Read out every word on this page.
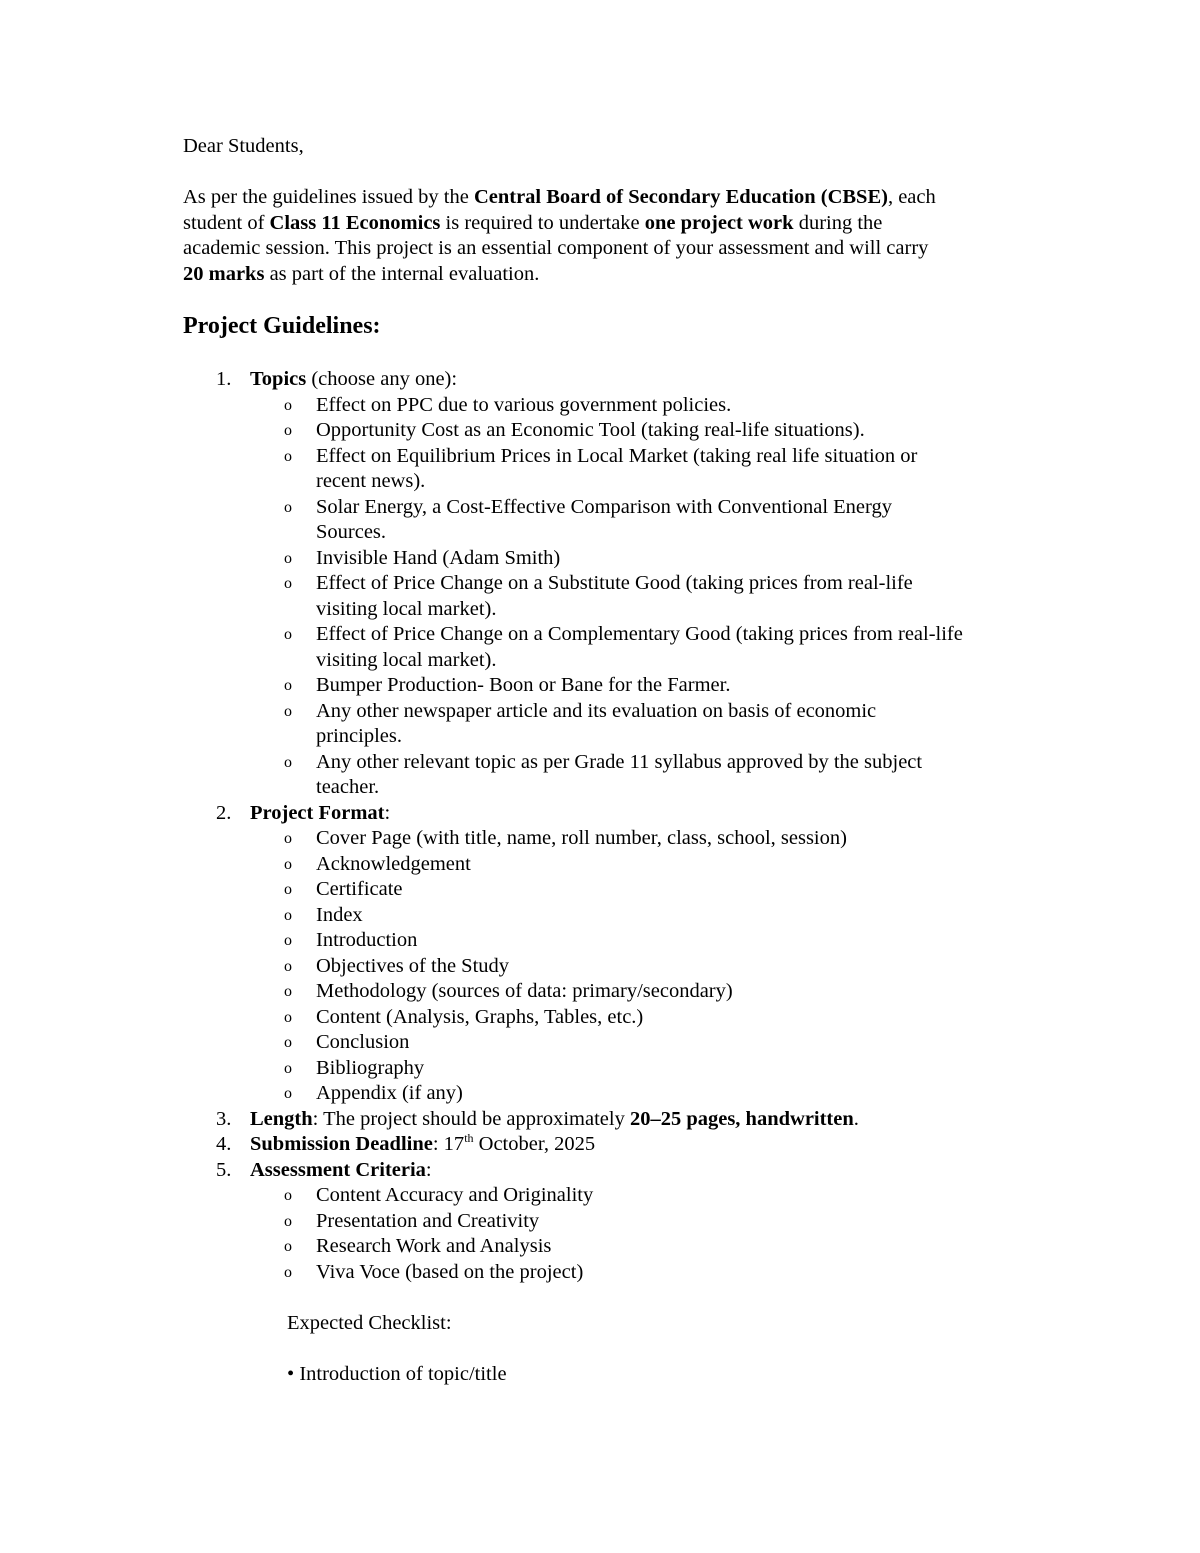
Dear Students,

As per the guidelines issued by the Central Board of Secondary Education (CBSE), each
student of Class 11 Economics is required to undertake one project work during the
academic session. This project is an essential component of your assessment and will carry
20 marks as part of the internal evaluation.

Project Guidelines:
1. Topics (choose any one):
o Effect on PPC due to various government policies.
o Opportunity Cost as an Economic Tool (taking real-life situations).
o Effect on Equilibrium Prices in Local Market (taking real life situation or
recent news).
o Solar Energy, a Cost-Effective Comparison with Conventional Energy
Sources.
o Invisible Hand (Adam Smith)
o Effect of Price Change on a Substitute Good (taking prices from real-life
visiting local market).
o Effect of Price Change on a Complementary Good (taking prices from real-life
visiting local market).
o Bumper Production- Boon or Bane for the Farmer.
o Any other newspaper article and its evaluation on basis of economic
principles.
o Any other relevant topic as per Grade 11 syllabus approved by the subject
teacher.
2. Project Format:
o Cover Page (with title, name, roll number, class, school, session)
o Acknowledgement
o Certificate
o Index
o Introduction
o Objectives of the Study
o Methodology (sources of data: primary/secondary)
o Content (Analysis, Graphs, Tables, etc.)
o Conclusion
o Bibliography
o Appendix (if any)
3. Length: The project should be approximately 20–25 pages, handwritten.
4. Submission Deadline: 17th October, 2025
5. Assessment Criteria:
o Content Accuracy and Originality
o Presentation and Creativity
o Research Work and Analysis
o Viva Voce (based on the project)
Expected Checklist:
• Introduction of topic/title
